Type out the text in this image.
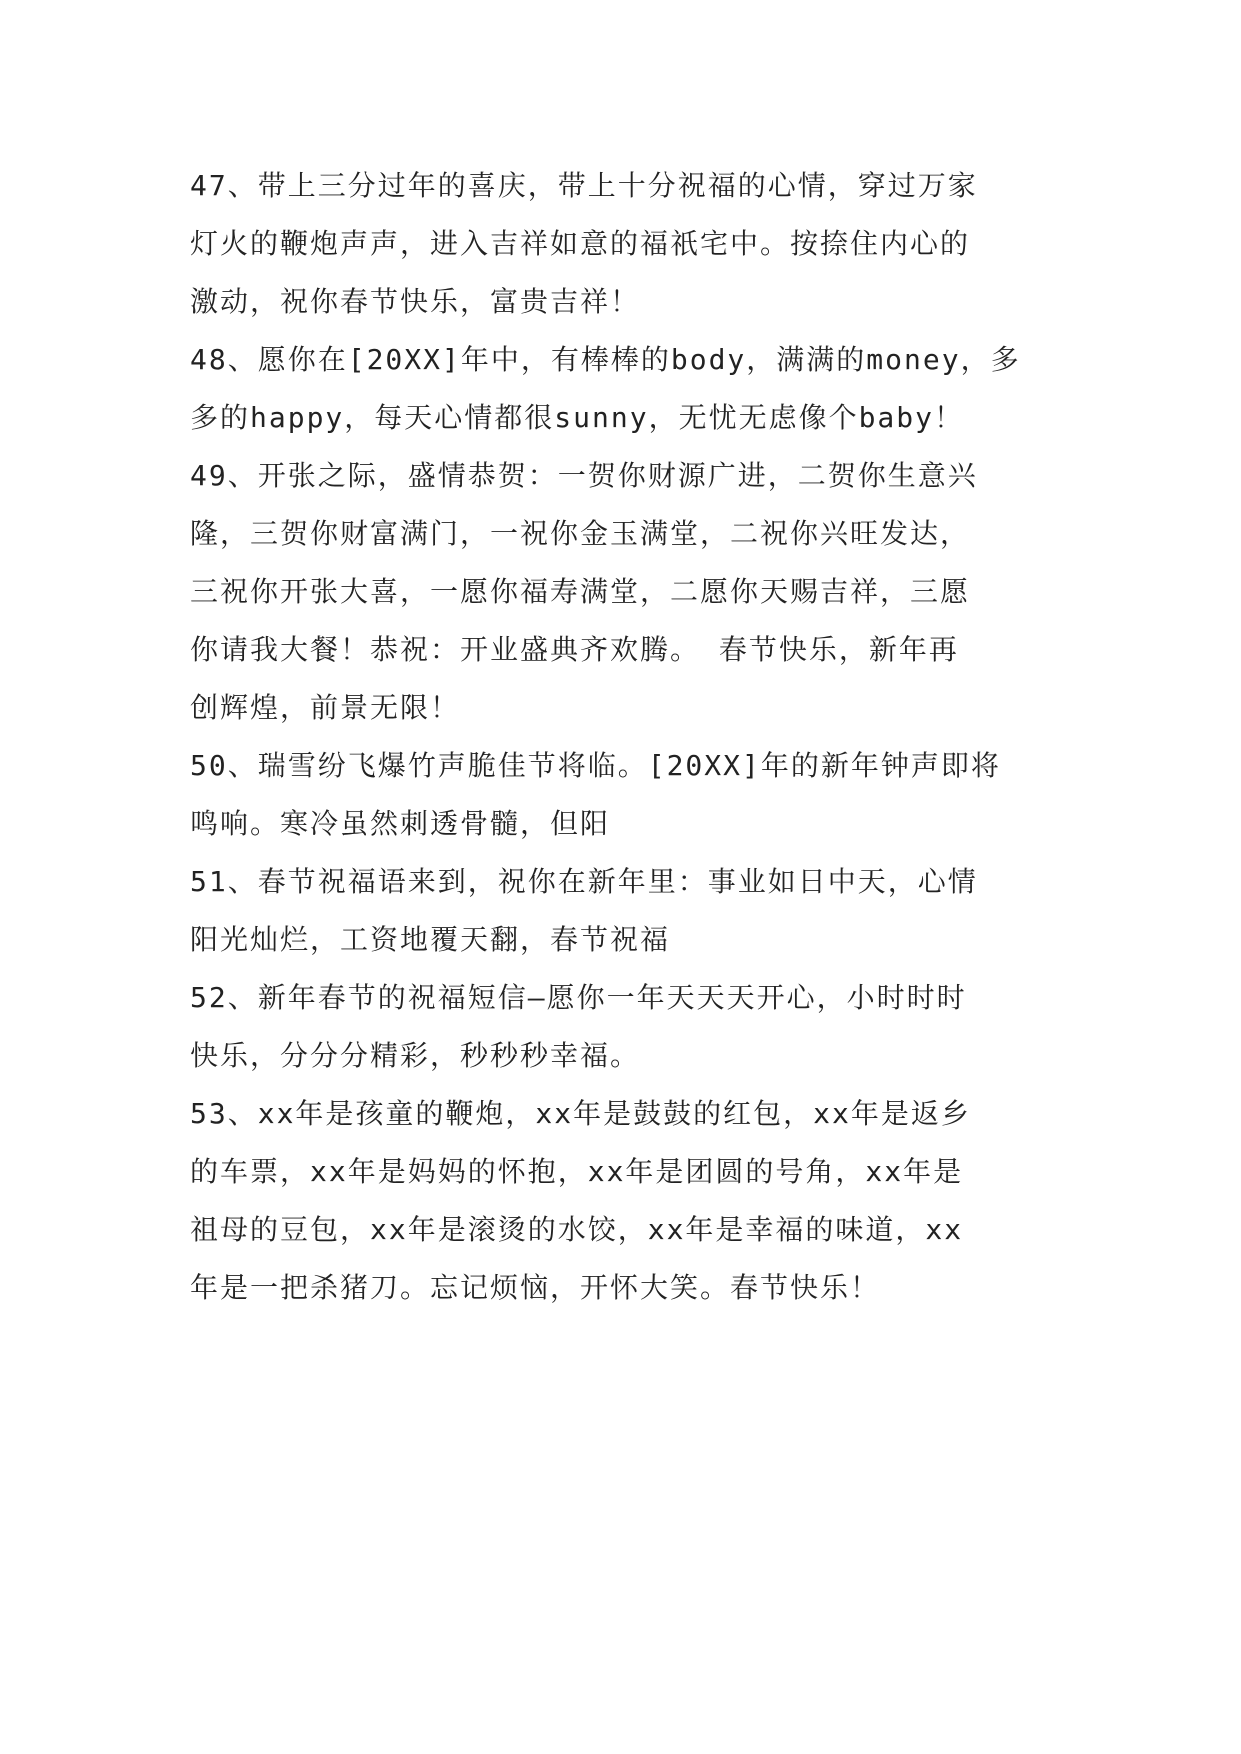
47、带上三分过年的喜庆，带上十分祝福的心情，穿过万家
灯火的鞭炮声声，进入吉祥如意的福祇宅中。按捺住内心的
激动，祝你春节快乐，富贵吉祥！
48、愿你在[20XX]年中，有棒棒的body，满满的money，多
多的happy，每天心情都很sunny，无忧无虑像个baby！
49、开张之际，盛情恭贺：一贺你财源广进，二贺你生意兴
隆，三贺你财富满门，一祝你金玉满堂，二祝你兴旺发达，
三祝你开张大喜，一愿你福寿满堂，二愿你天赐吉祥，三愿
你请我大餐！恭祝：开业盛典齐欢腾。 春节快乐，新年再
创辉煌，前景无限！
50、瑞雪纷飞爆竹声脆佳节将临。[20XX]年的新年钟声即将
鸣响。寒冷虽然刺透骨髓，但阳
51、春节祝福语来到，祝你在新年里：事业如日中天，心情
阳光灿烂，工资地覆天翻，春节祝福
52、新年春节的祝福短信—愿你一年天天天开心，小时时时
快乐，分分分精彩，秒秒秒幸福。
53、xx年是孩童的鞭炮，xx年是鼓鼓的红包，xx年是返乡
的车票，xx年是妈妈的怀抱，xx年是团圆的号角，xx年是
祖母的豆包，xx年是滚烫的水饺，xx年是幸福的味道，xx
年是一把杀猪刀。忘记烦恼，开怀大笑。春节快乐！
